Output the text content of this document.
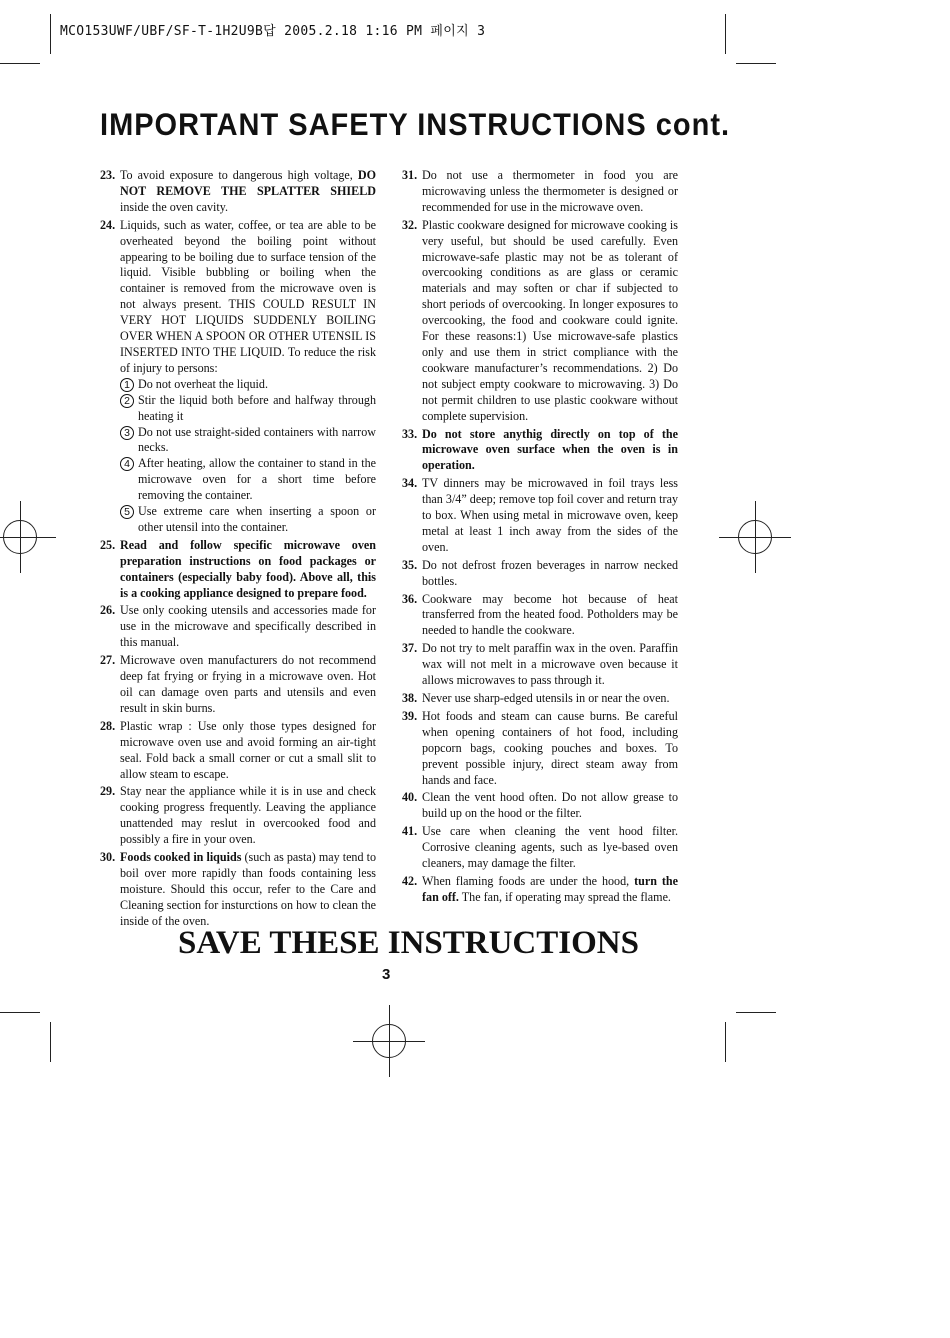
MCO153UWF/UBF/SF-T-1H2U9B답 2005.2.18 1:16 PM 페이지 3
IMPORTANT SAFETY INSTRUCTIONS cont.
23. To avoid exposure to dangerous high voltage, DO NOT REMOVE THE SPLATTER SHIELD inside the oven cavity.
24. Liquids, such as water, coffee, or tea are able to be overheated beyond the boiling point without appearing to be boiling due to surface tension of the liquid. Visible bubbling or boiling when the container is removed from the microwave oven is not always present. THIS COULD RESULT IN VERY HOT LIQUIDS SUDDENLY BOILING OVER WHEN A SPOON OR OTHER UTENSIL IS INSERTED INTO THE LIQUID. To reduce the risk of injury to persons:
1 Do not overheat the liquid.
2 Stir the liquid both before and halfway through heating it
3 Do not use straight-sided containers with narrow necks.
4 After heating, allow the container to stand in the microwave oven for a short time before removing the container.
5 Use extreme care when inserting a spoon or other utensil into the container.
25. Read and follow specific microwave oven preparation instructions on food packages or containers (especially baby food). Above all, this is a cooking appliance designed to prepare food.
26. Use only cooking utensils and accessories made for use in the microwave and specifically described in this manual.
27. Microwave oven manufacturers do not recommend deep fat frying or frying in a microwave oven. Hot oil can damage oven parts and utensils and even result in skin burns.
28. Plastic wrap : Use only those types designed for microwave oven use and avoid forming an air-tight seal. Fold back a small corner or cut a small slit to allow steam to escape.
29. Stay near the appliance while it is in use and check cooking progress frequently. Leaving the appliance unattended may reslut in overcooked food and possibly a fire in your oven.
30. Foods cooked in liquids (such as pasta) may tend to boil over more rapidly than foods containing less moisture. Should this occur, refer to the Care and Cleaning section for insturctions on how to clean the inside of the oven.
31. Do not use a thermometer in food you are microwaving unless the thermometer is designed or recommended for use in the microwave oven.
32. Plastic cookware designed for microwave cooking is very useful, but should be used carefully. Even microwave-safe plastic may not be as tolerant of overcooking conditions as are glass or ceramic materials and may soften or char if subjected to short periods of overcooking. In longer exposures to overcooking, the food and cookware could ignite. For these reasons:1) Use microwave-safe plastics only and use them in strict compliance with the cookware manufacturer’s recommendations. 2) Do not subject empty cookware to microwaving. 3) Do not permit children to use plastic cookware without complete supervision.
33. Do not store anythig directly on top of the microwave oven surface when the oven is in operation.
34. TV dinners may be microwaved in foil trays less than 3/4” deep; remove top foil cover and return tray to box. When using metal in microwave oven, keep metal at least 1 inch away from the sides of the oven.
35. Do not defrost frozen beverages in narrow necked bottles.
36. Cookware may become hot because of heat transferred from the heated food. Potholders may be needed to handle the cookware.
37. Do not try to melt paraffin wax in the oven. Paraffin wax will not melt in a microwave oven because it allows microwaves to pass through it.
38. Never use sharp-edged utensils in or near the oven.
39. Hot foods and steam can cause burns. Be careful when opening containers of hot food, including popcorn bags, cooking pouches and boxes. To prevent possible injury, direct steam away from hands and face.
40. Clean the vent hood often. Do not allow grease to build up on the hood or the filter.
41. Use care when cleaning the vent hood filter. Corrosive cleaning agents, such as lye-based oven cleaners, may damage the filter.
42. When flaming foods are under the hood, turn the fan off. The fan, if operating may spread the flame.
SAVE THESE INSTRUCTIONS
3
